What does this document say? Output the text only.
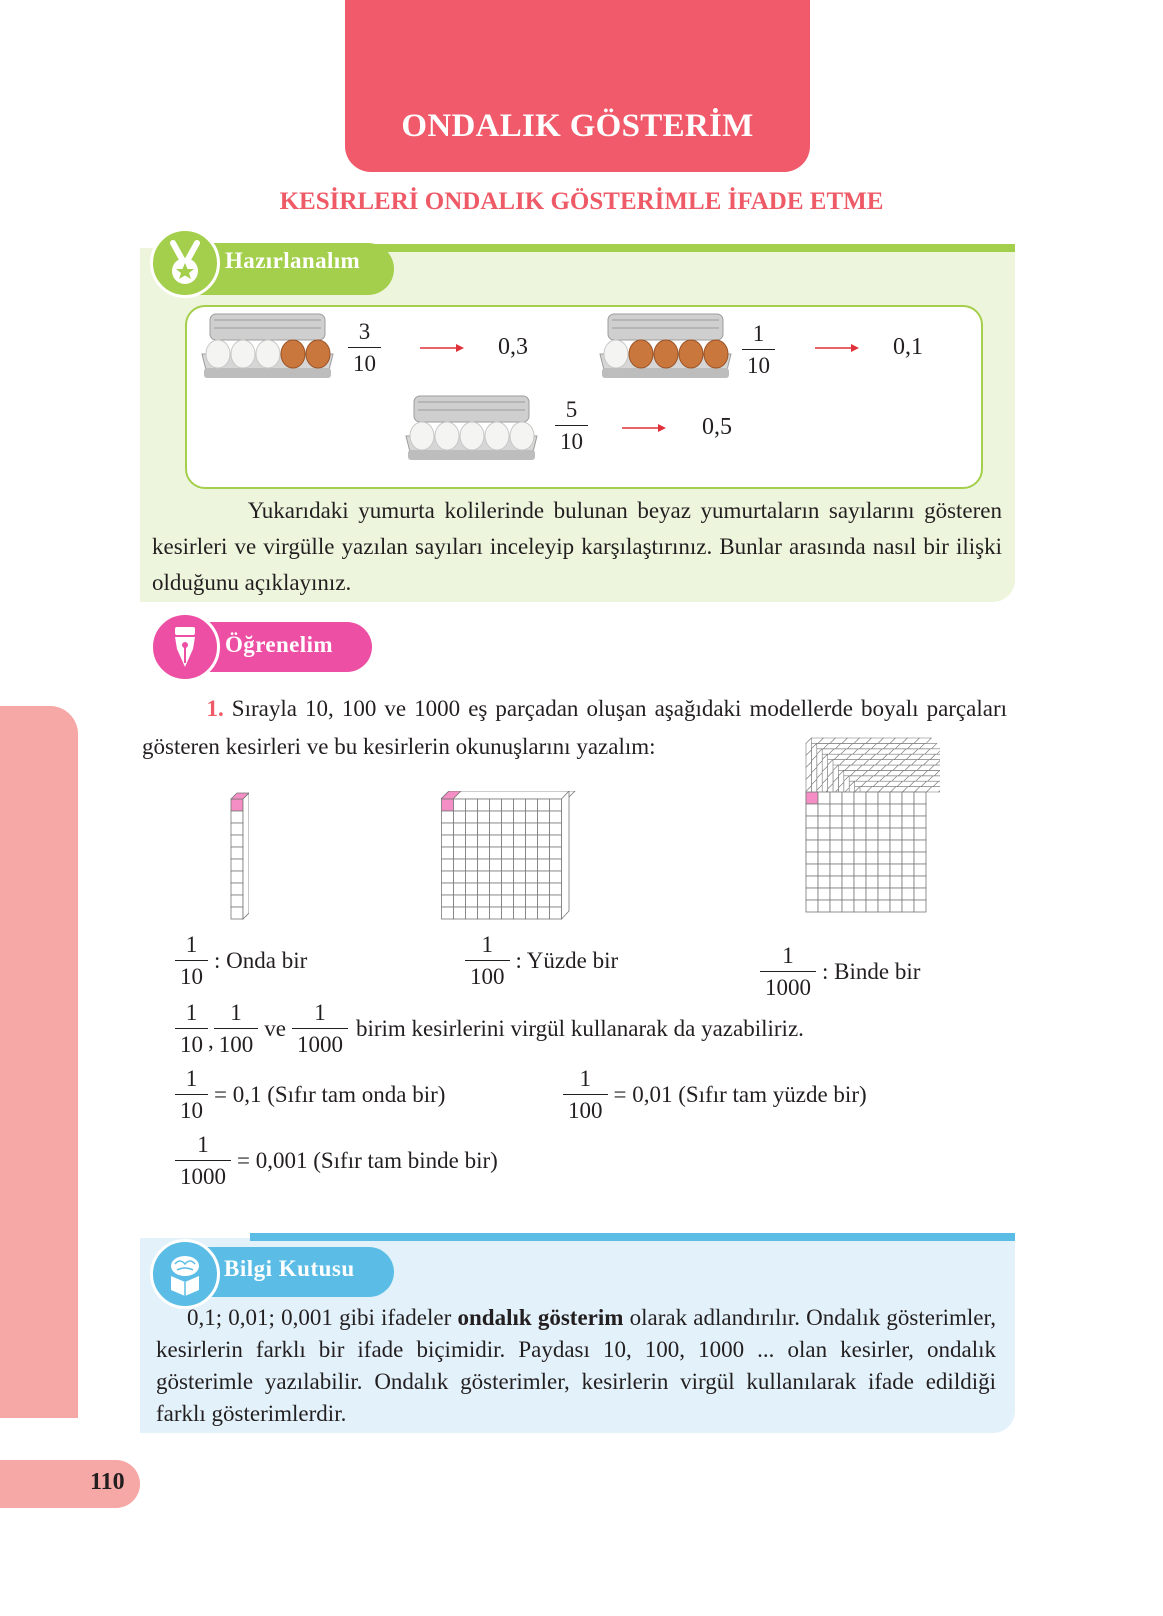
ONDALIK GÖSTERİM
KESİRLERİ ONDALIK GÖSTERİMLE İFADE ETME
110
Hazırlanalım
$\frac{3}{10}$	0,3	$\frac{1}{10}$	0,1
$\frac{5}{10}$	0,5
Yukarıdaki yumurta kolilerinde bulunan beyaz yumurtaların sayılarını gösteren kesirleri ve virgülle yazılan sayıları inceleyip karşılaştırınız. Bunlar arasında nasıl bir ilişki olduğunu açıklayınız.
Öğrenelim
1. Sırayla 10, 100 ve 1000 eş parçadan oluşan aşağıdaki modellerde boyalı parçaları gösteren kesirleri ve bu kesirlerin okunuşlarını yazalım:
$\frac{1}{10}$ : Onda bir	$\frac{1}{100}$ : Yüzde bir	$\frac{1}{1000}$ : Binde bir
$\frac{1}{10}$ , $\frac{1}{100}$ ve $\frac{1}{1000}$ birim kesirlerini virgül kullanarak da yazabiliriz.
$\frac{1}{10} = 0,1$ (Sıfır tam onda bir)	$\frac{1}{100} = 0,01$ (Sıfır tam yüzde bir)
$\frac{1}{1000} = 0,001$ (Sıfır tam binde bir)
Bilgi Kutusu
0,1; 0,01; 0,001 gibi ifadeler ondalık gösterim olarak adlandırılır. Ondalık gösterimler, kesirlerin farklı bir ifade biçimidir. Paydası 10, 100, 1000 ... olan kesirler, ondalık gösterimle yazılabilir. Ondalık gösterimler, kesirlerin virgül kullanılarak ifade edildiği farklı gösterimlerdir.
